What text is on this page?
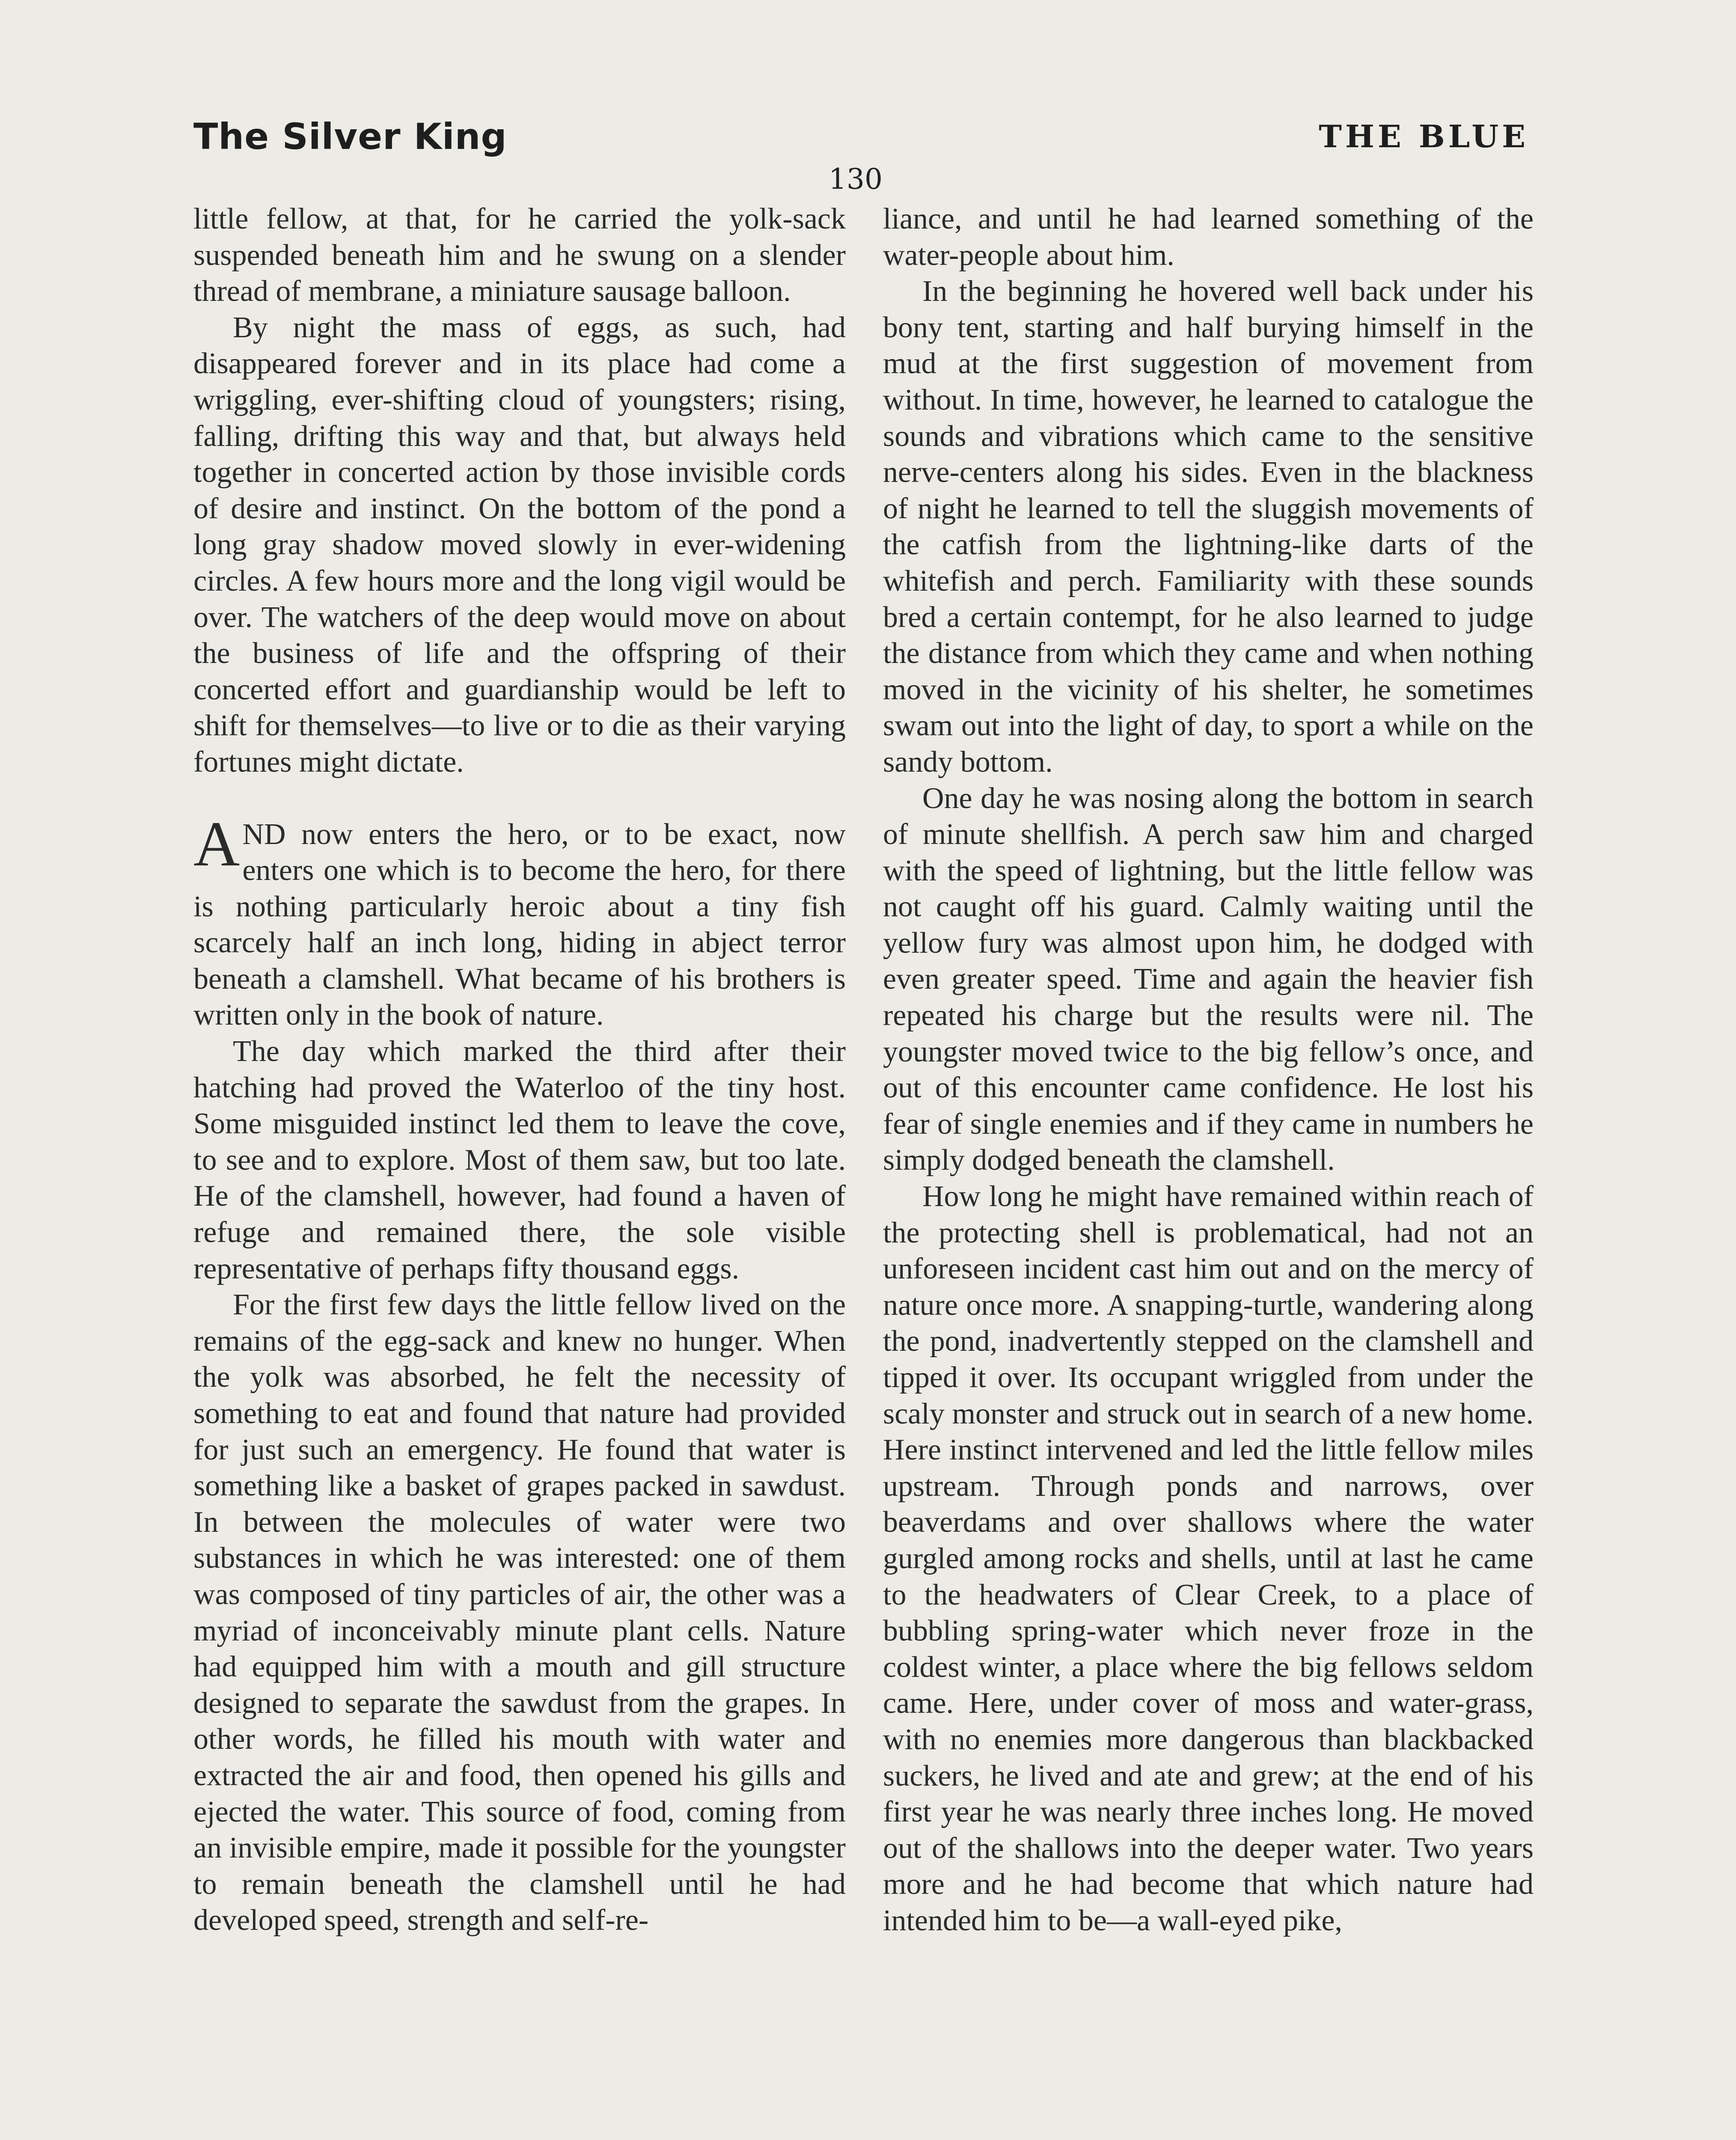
The Silver King	THE BLUE
130

little fellow, at that, for he carried the yolk-sack suspended beneath him and he swung on a slender thread of membrane, a miniature sausage balloon.

By night the mass of eggs, as such, had disappeared forever and in its place had come a wriggling, ever-shifting cloud of youngsters; rising, falling, drifting this way and that, but always held together in concerted action by those invisible cords of desire and instinct. On the bottom of the pond a long gray shadow moved slowly in ever-widening circles. A few hours more and the long vigil would be over. The watchers of the deep would move on about the business of life and the offspring of their concerted effort and guardianship would be left to shift for themselves—to live or to die as their varying fortunes might dictate.

AND now enters the hero, or to be exact, now enters one which is to become the hero, for there is nothing particularly heroic about a tiny fish scarcely half an inch long, hiding in abject terror beneath a clamshell. What became of his brothers is written only in the book of nature.

The day which marked the third after their hatching had proved the Waterloo of the tiny host. Some misguided instinct led them to leave the cove, to see and to explore. Most of them saw, but too late. He of the clamshell, however, had found a haven of refuge and remained there, the sole visible representative of perhaps fifty thousand eggs.

For the first few days the little fellow lived on the remains of the egg-sack and knew no hunger. When the yolk was absorbed, he felt the necessity of something to eat and found that nature had provided for just such an emergency. He found that water is something like a basket of grapes packed in sawdust. In between the molecules of water were two substances in which he was interested: one of them was composed of tiny particles of air, the other was a myriad of inconceivably minute plant cells. Nature had equipped him with a mouth and gill structure designed to separate the sawdust from the grapes. In other words, he filled his mouth with water and extracted the air and food, then opened his gills and ejected the water. This source of food, coming from an invisible empire, made it possible for the youngster to remain beneath the clamshell until he had developed speed, strength and self-re-

liance, and until he had learned something of the water-people about him.

In the beginning he hovered well back under his bony tent, starting and half burying himself in the mud at the first suggestion of movement from without. In time, however, he learned to catalogue the sounds and vibrations which came to the sensitive nerve-centers along his sides. Even in the blackness of night he learned to tell the sluggish movements of the catfish from the lightning-like darts of the whitefish and perch. Familiarity with these sounds bred a certain contempt, for he also learned to judge the distance from which they came and when nothing moved in the vicinity of his shelter, he sometimes swam out into the light of day, to sport a while on the sandy bottom.

One day he was nosing along the bottom in search of minute shellfish. A perch saw him and charged with the speed of lightning, but the little fellow was not caught off his guard. Calmly waiting until the yellow fury was almost upon him, he dodged with even greater speed. Time and again the heavier fish repeated his charge but the results were nil. The youngster moved twice to the big fellow’s once, and out of this encounter came confidence. He lost his fear of single enemies and if they came in numbers he simply dodged beneath the clamshell.

How long he might have remained within reach of the protecting shell is problematical, had not an unforeseen incident cast him out and on the mercy of nature once more. A snapping-turtle, wandering along the pond, inadvertently stepped on the clamshell and tipped it over. Its occupant wriggled from under the scaly monster and struck out in search of a new home. Here instinct intervened and led the little fellow miles upstream. Through ponds and narrows, over beaverdams and over shallows where the water gurgled among rocks and shells, until at last he came to the headwaters of Clear Creek, to a place of bubbling spring-water which never froze in the coldest winter, a place where the big fellows seldom came. Here, under cover of moss and water-grass, with no enemies more dangerous than blackbacked suckers, he lived and ate and grew; at the end of his first year he was nearly three inches long. He moved out of the shallows into the deeper water. Two years more and he had become that which nature had intended him to be—a wall-eyed pike,
